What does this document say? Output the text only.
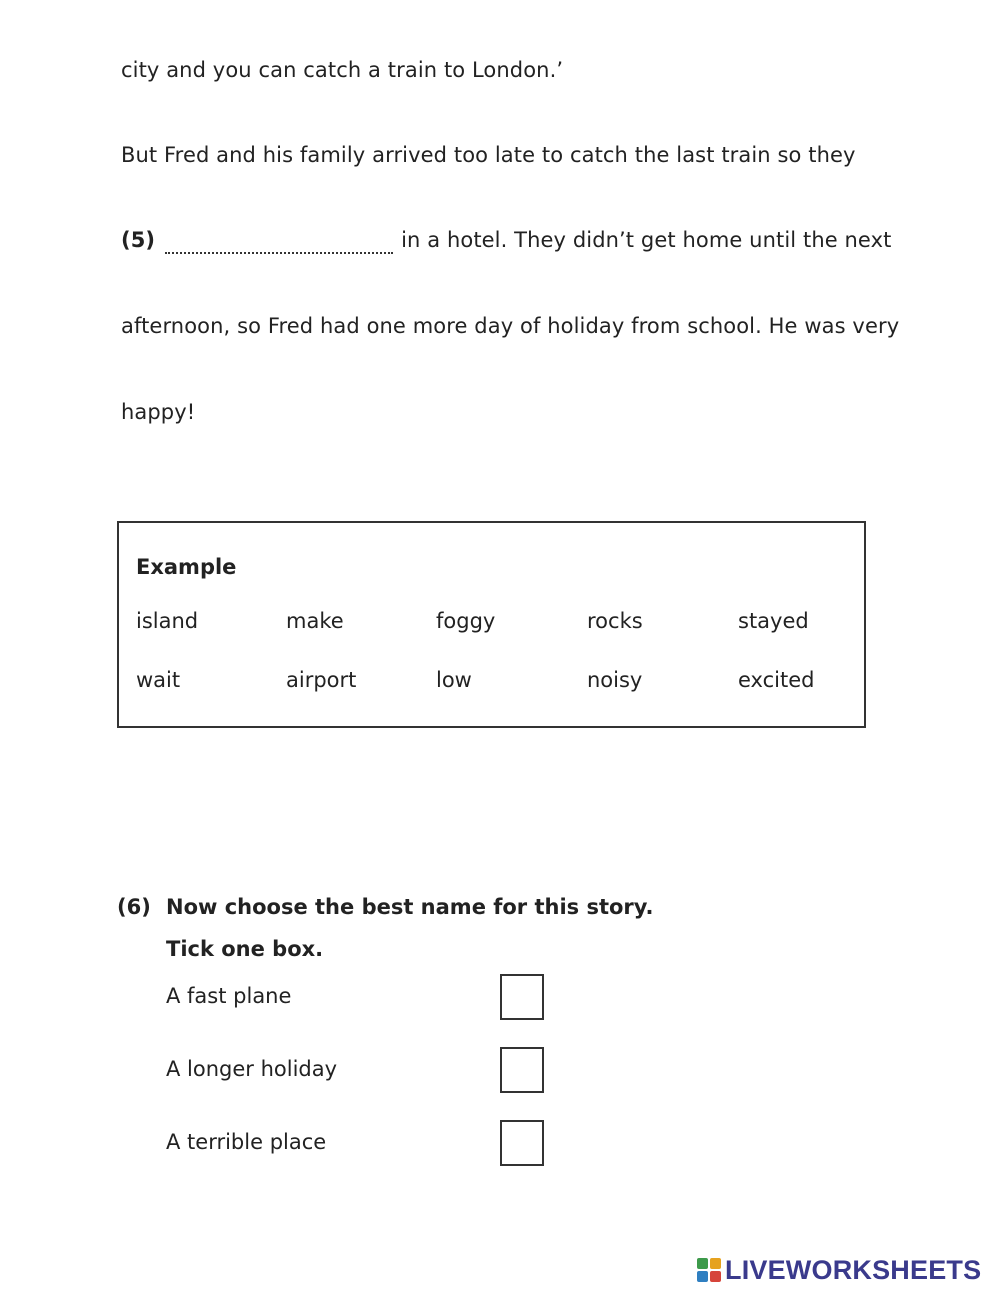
city and you can catch a train to London.’
But Fred and his family arrived too late to catch the last train so they
(5)	in a hotel. They didn’t get home until the next
afternoon, so Fred had one more day of holiday from school. He was very
happy!
Example
island	make	foggy	rocks	stayed
wait	airport	low	noisy	excited
(6) Now choose the best name for this story.
Tick one box.
A fast plane
A longer holiday
A terrible place
LIVEWORKSHEETS
